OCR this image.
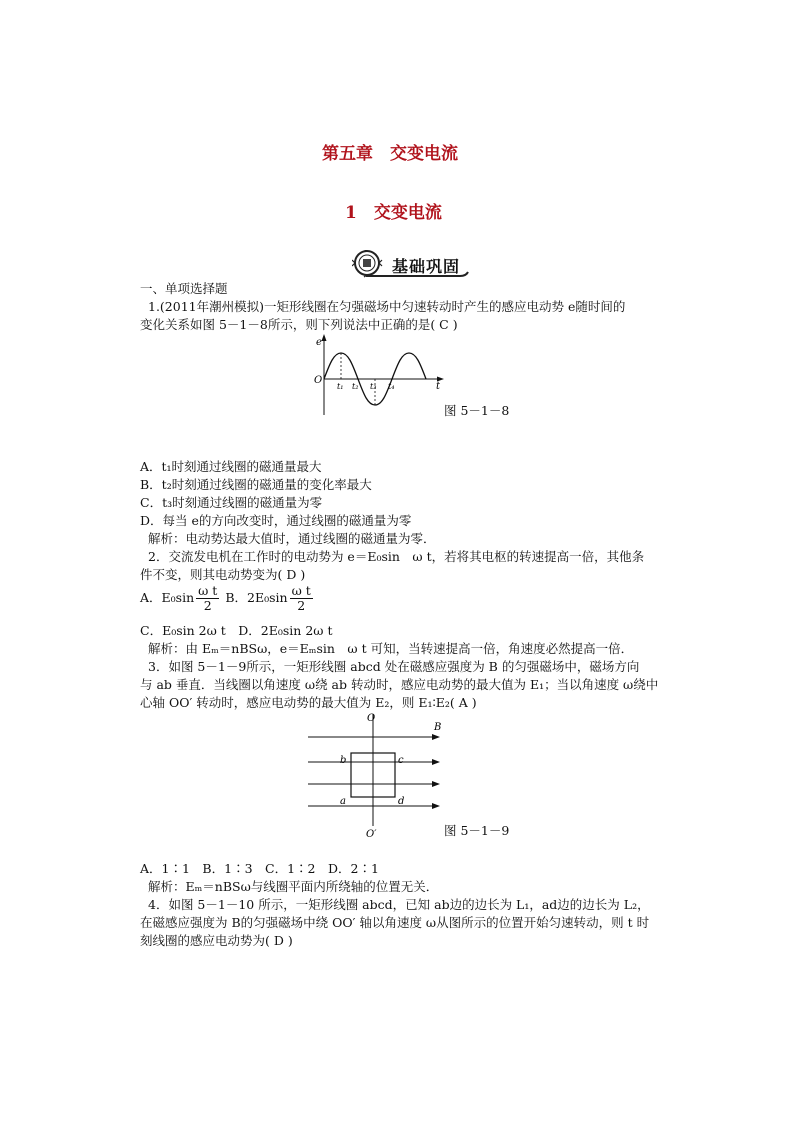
第五章　交变电流
1　交变电流
基础巩固
一、单项选择题
1.(2011年潮州模拟)一矩形线圈在匀强磁场中匀速转动时产生的感应电动势 e随时间的
变化关系如图 5－1－8所示，则下列说法中正确的是( C )
e
O
t
t₁ t₂ t₃ t₄
图 5－1－8
A．t₁时刻通过线圈的磁通量最大
B．t₂时刻通过线圈的磁通量的变化率最大
C．t₃时刻通过线圈的磁通量为零
D．每当 e的方向改变时，通过线圈的磁通量为零
解析：电动势达最大值时，通过线圈的磁通量为零．
2．交流发电机在工作时的电动势为 e＝E₀sin　ω t，若将其电枢的转速提高一倍，其他条
件不变，则其电动势变为( D )
A．$E_0\sin \frac{\text{ω t}}{2}$ B．$2E_0\sin \frac{\text{ω t}}{2}$
C．E₀sin 2ω t　D．2E₀sin 2ω t
解析：由 Eₘ＝nBSω，e＝Eₘsin　ω t 可知，当转速提高一倍，角速度必然提高一倍．
3．如图 5－1－9所示，一矩形线圈 abcd 处在磁感应强度为 B 的匀强磁场中，磁场方向
与 ab 垂直．当线圈以角速度 ω绕 ab 转动时，感应电动势的最大值为 E₁；当以角速度 ω绕中
心轴 OO′ 转动时，感应电动势的最大值为 E₂，则 E₁∶E₂( A )
O
O′
B
b	c
a	d
图 5－1－9
A．1∶1　B．1∶3　C．1∶2　D．2∶1
解析：Eₘ＝nBSω与线圈平面内所绕轴的位置无关．
4．如图 5－1－10 所示，一矩形线圈 abcd，已知 ab边的边长为 L₁，ad边的边长为 L₂，
在磁感应强度为 B的匀强磁场中绕 OO′ 轴以角速度 ω从图所示的位置开始匀速转动，则 t 时
刻线圈的感应电动势为( D )
